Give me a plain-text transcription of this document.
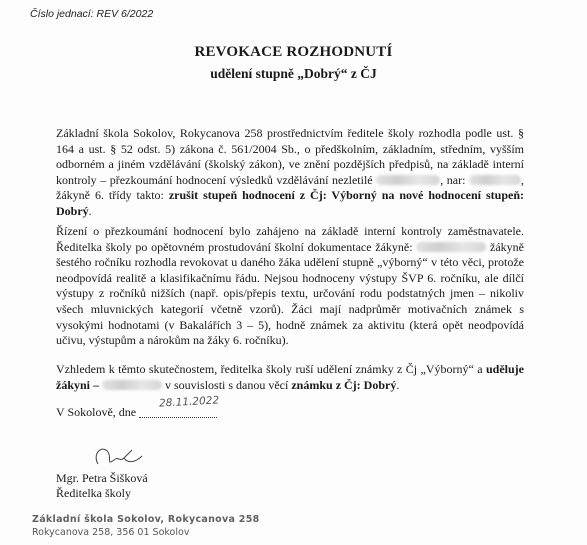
Číslo jednací: REV 6/2022
REVOKACE ROZHODNUTÍ
udělení stupně „Dobrý“ z ČJ
Základní škola Sokolov, Rokycanova 258 prostřednictvím ředitele školy rozhodla podle ust. § 164 a ust. § 52 odst. 5) zákona č. 561/2004 Sb., o předškolním, základním, středním, vyšším odborném a jiném vzdělávání (školský zákon), ve znění pozdějších předpisů, na základě interní kontroly – přezkoumání hodnocení výsledků vzdělávání nezletilé	, nar:	, žákyně 6. třídy takto: zrušit stupeň hodnocení z Čj: Výborný na nové hodnocení stupeň: Dobrý.
Řízení o přezkoumání hodnocení bylo zahájeno na základě interní kontroly zaměstnavatele. Ředitelka školy po opětovném prostudování školní dokumentace žákyně:	žákyně šestého ročníku rozhodla revokovat u daného žáka udělení stupně „výborný“ v této věci, protože neodpovídá realitě a klasifikačnímu řádu. Nejsou hodnoceny výstupy ŠVP 6. ročníku, ale dílčí výstupy z ročníků nižších (např. opis/přepis textu, určování rodu podstatných jmen – nikoliv všech mluvnických kategorií včetně vzorů). Žáci mají nadprůměr motivačních známek s vysokými hodnotami (v Bakalářích 3 – 5), hodně známek za aktivitu (která opět neodpovídá učivu, výstupům a nárokům na žáky 6. ročníku).
Vzhledem k těmto skutečnostem, ředitelka školy ruší udělení známky z Čj „Výborný“ a uděluje žákyni –	v souvislosti s danou věcí známku z Čj: Dobrý.
V Sokolově, dne
28.11.2022
Mgr. Petra Šišková
Ředitelka školy
Základní škola Sokolov, Rokycanova 258
Rokycanova 258, 356 01 Sokolov
